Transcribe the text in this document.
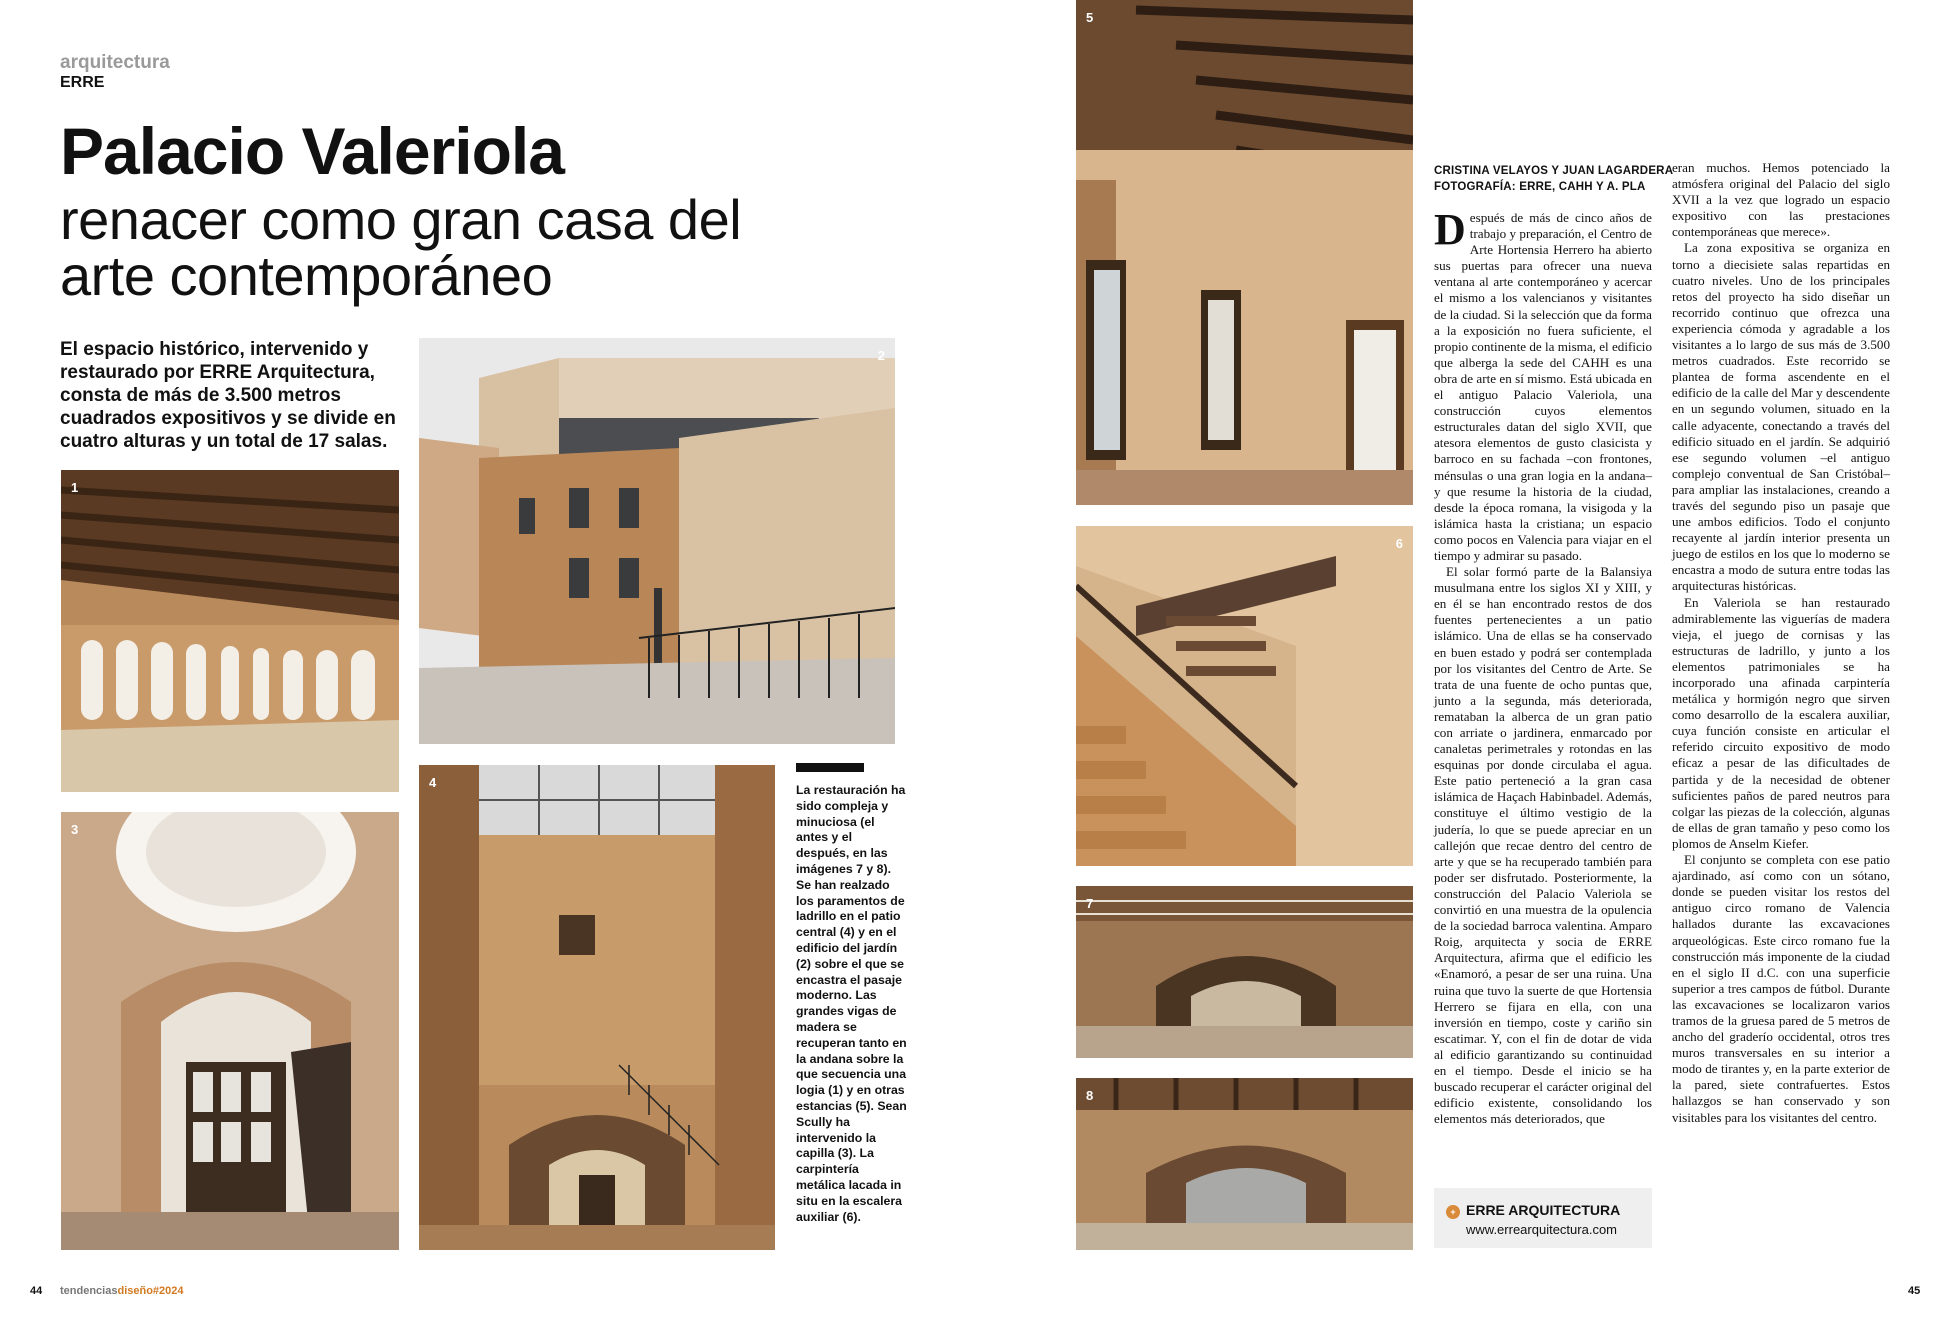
arquitectura
ERRE
Palacio Valeriola
renacer como gran casa del arte contemporáneo
El espacio histórico, intervenido y restaurado por ERRE Arquitectura, consta de más de 3.500 metros cuadrados expositivos y se divide en cuatro alturas y un total de 17 salas.
1
2
3
4	La restauración ha sido compleja y minuciosa (el antes y el después, en las imágenes 7 y 8). Se han realzado los paramentos de ladrillo en el patio central (4) y en el edificio del jardín (2) sobre el que se encastra el pasaje moderno. Las grandes vigas de madera se recuperan tanto en la andana sobre la que secuencia una logia (1) y en otras estancias (5). Sean Scully ha intervenido la capilla (3). La carpintería metálica lacada in situ en la escalera auxiliar (6).
44 tendenciasdiseño#2024
5
6
7
8
CRISTINA VELAYOS Y JUAN LAGARDERA
FOTOGRAFÍA: ERRE, CAHH Y A. PLA

Después de más de cinco años de trabajo y preparación, el Centro de Arte Hortensia Herrero ha abierto sus puertas para ofrecer una nueva ventana al arte contemporáneo y acercar el mismo a los valencianos y visitantes de la ciudad. Si la selección que da forma a la exposición no fuera suficiente, el propio continente de la misma, el edificio que alberga la sede del CAHH es una obra de arte en sí mismo. Está ubicada en el antiguo Palacio Valeriola, una construcción cuyos elementos estructurales datan del siglo XVII, que atesora elementos de gusto clasicista y barroco en su fachada –con frontones, ménsulas o una gran logia en la andana– y que resume la historia de la ciudad, desde la época romana, la visigoda y la islámica hasta la cristiana; un espacio como pocos en Valencia para viajar en el tiempo y admirar su pasado.

El solar formó parte de la Balansiya musulmana entre los siglos XI y XIII, y en él se han encontrado restos de dos fuentes pertenecientes a un patio islámico. Una de ellas se ha conservado en buen estado y podrá ser contemplada por los visitantes del Centro de Arte. Se trata de una fuente de ocho puntas que, junto a la segunda, más deteriorada, remataban la alberca de un gran patio con arriate o jardinera, enmarcado por canaletas perimetrales y rotondas en las esquinas por donde circulaba el agua. Este patio perteneció a la gran casa islámica de Haçach Habinbadel. Además, constituye el último vestigio de la judería, lo que se puede apreciar en un callejón que recae dentro del centro de arte y que se ha recuperado también para poder ser disfrutado. Posteriormente, la construcción del Palacio Valeriola se convirtió en una muestra de la opulencia de la sociedad barroca valentina. Amparo Roig, arquitecta y socia de ERRE Arquitectura, afirma que el edificio les «Enamoró, a pesar de ser una ruina. Una ruina que tuvo la suerte de que Hortensia Herrero se fijara en ella, con una inversión en tiempo, coste y cariño sin escatimar. Y, con el fin de dotar de vida al edificio garantizando su continuidad en el tiempo. Desde el inicio se ha buscado recuperar el carácter original del edificio existente, consolidando los elementos más deteriorados, que

eran muchos. Hemos potenciado la atmósfera original del Palacio del siglo XVII a la vez que logrado un espacio expositivo con las prestaciones contemporáneas que merece».

La zona expositiva se organiza en torno a diecisiete salas repartidas en cuatro niveles. Uno de los principales retos del proyecto ha sido diseñar un recorrido continuo que ofrezca una experiencia cómoda y agradable a los visitantes a lo largo de sus más de 3.500 metros cuadrados. Este recorrido se plantea de forma ascendente en el edificio de la calle del Mar y descendente en un segundo volumen, situado en la calle adyacente, conectando a través del edificio situado en el jardín. Se adquirió ese segundo volumen –el antiguo complejo conventual de San Cristóbal– para ampliar las instalaciones, creando a través del segundo piso un pasaje que une ambos edificios. Todo el conjunto recayente al jardín interior presenta un juego de estilos en los que lo moderno se encastra a modo de sutura entre todas las arquitecturas históricas.

En Valeriola se han restaurado admirablemente las viguerías de madera vieja, el juego de cornisas y las estructuras de ladrillo, y junto a los elementos patrimoniales se ha incorporado una afinada carpintería metálica y hormigón negro que sirven como desarrollo de la escalera auxiliar, cuya función consiste en articular el referido circuito expositivo de modo eficaz a pesar de las dificultades de partida y de la necesidad de obtener suficientes paños de pared neutros para colgar las piezas de la colección, algunas de ellas de gran tamaño y peso como los plomos de Anselm Kiefer.

El conjunto se completa con ese patio ajardinado, así como con un sótano, donde se pueden visitar los restos del antiguo circo romano de Valencia hallados durante las excavaciones arqueológicas. Este circo romano fue la construcción más imponente de la ciudad en el siglo II d.C. con una superficie superior a tres campos de fútbol. Durante las excavaciones se localizaron varios tramos de la gruesa pared de 5 metros de ancho del graderío occidental, otros tres muros transversales en su interior a modo de tirantes y, en la parte exterior de la pared, siete contrafuertes. Estos hallazgos se han conservado y son visitables para los visitantes del centro.

+ ERRE ARQUITECTURA
www.errearquitectura.com
45
